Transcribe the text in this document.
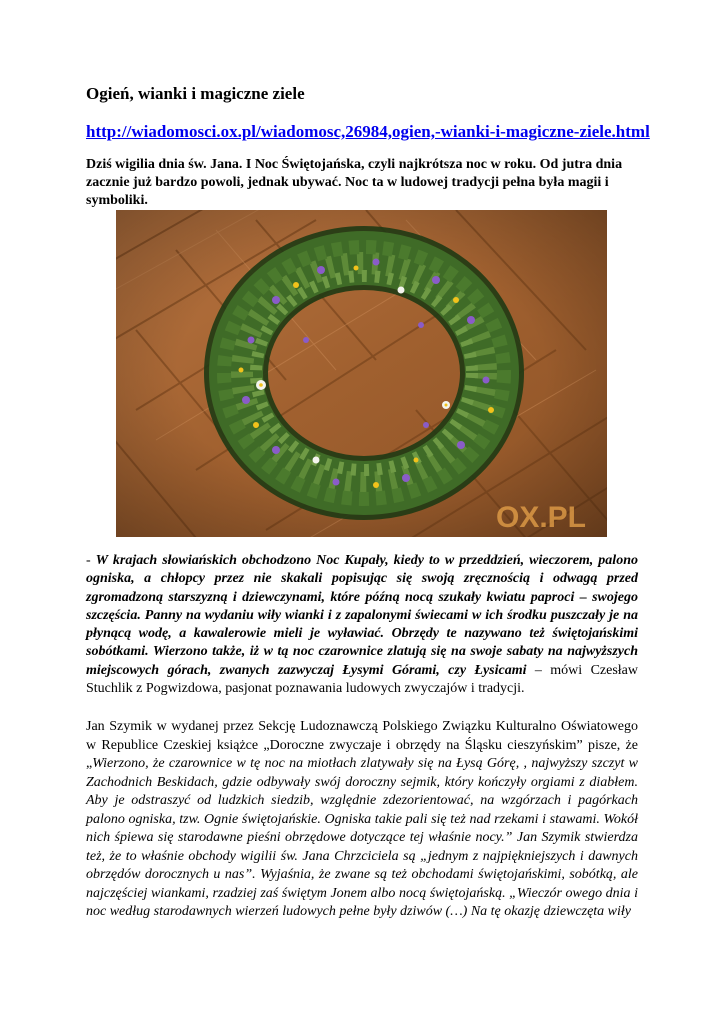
Ogień, wianki i magiczne ziele
http://wiadomosci.ox.pl/wiadomosc,26984,ogien,-wianki-i-magiczne-ziele.html
Dziś wigilia dnia św. Jana. I Noc Świętojańska, czyli najkrótsza noc w roku. Od jutra dnia zacznie już bardzo powoli, jednak ubywać. Noc ta w ludowej tradycji pełna była magii i symboliki.
OX.PL
- W krajach słowiańskich obchodzono Noc Kupały, kiedy to w przeddzień, wieczorem, palono ogniska, a chłopcy przez nie skakali popisując się swoją zręcznością i odwagą przed zgromadzoną starszyzną i dziewczynami, które późną nocą szukały kwiatu paproci – swojego szczęścia. Panny na wydaniu wiły wianki i z zapalonymi świecami w ich środku puszczały je na płynącą wodę, a kawalerowie mieli je wyławiać. Obrzędy te nazywano też świętojańskimi sobótkami. Wierzono także, iż w tą noc czarownice zlatują się na swoje sabaty na najwyższych miejscowych górach, zwanych zazwyczaj Łysymi Górami, czy Łysicami – mówi Czesław Stuchlik z Pogwizdowa, pasjonat poznawania ludowych zwyczajów i tradycji.
Jan Szymik w wydanej przez Sekcję Ludoznawczą Polskiego Związku Kulturalno Oświatowego w Republice Czeskiej książce „Doroczne zwyczaje i obrzędy na Śląsku cieszyńskim” pisze, że „Wierzono, że czarownice w tę noc na miotłach zlatywały się na Łysą Górę, , najwyższy szczyt w Zachodnich Beskidach, gdzie odbywały swój doroczny sejmik, który kończyły orgiami z diabłem. Aby je odstraszyć od ludzkich siedzib, względnie zdezorientować, na wzgórzach i pagórkach palono ogniska, tzw. Ognie świętojańskie. Ogniska takie pali się też nad rzekami i stawami. Wokół nich śpiewa się starodawne pieśni obrzędowe dotyczące tej właśnie nocy.” Jan Szymik stwierdza też, że to właśnie obchody wigilii św. Jana Chrzciciela są „jednym z najpiękniejszych i dawnych obrzędów dorocznych u nas”. Wyjaśnia, że zwane są też obchodami świętojańskimi, sobótką, ale najczęściej wiankami, rzadziej zaś świętym Jonem albo nocą świętojańską. „Wieczór owego dnia i noc według starodawnych wierzeń ludowych pełne były dziwów (…) Na tę okazję dziewczęta wiły
